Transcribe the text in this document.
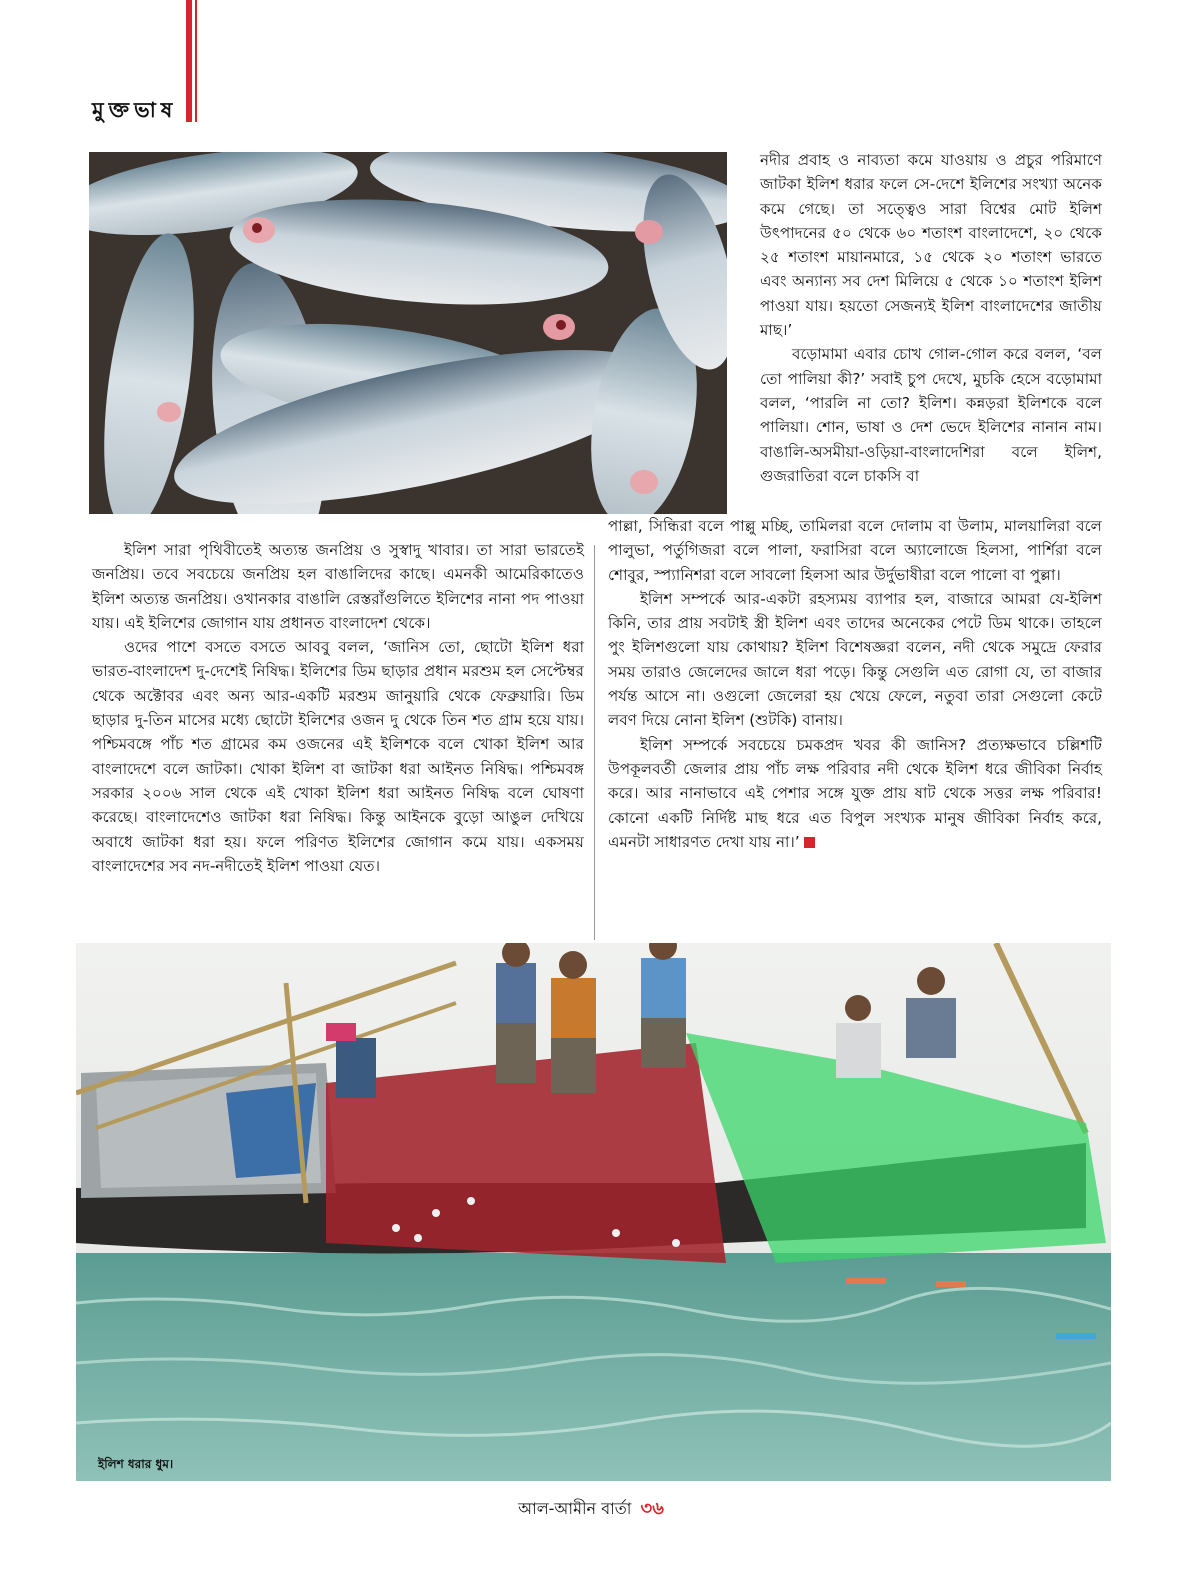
মুক্তভাষ

নদীর প্রবাহ ও নাব্যতা কমে যাওয়ায় ও প্রচুর পরিমাণে জাটকা ইলিশ ধরার ফলে সে-দেশে ইলিশের সংখ্যা অনেক কমে গেছে। তা সত্ত্বেও সারা বিশ্বের মোট ইলিশ উৎপাদনের ৫০ থেকে ৬০ শতাংশ বাংলাদেশে, ২০ থেকে ২৫ শতাংশ মায়ানমারে, ১৫ থেকে ২০ শতাংশ ভারতে এবং অন্যান্য সব দেশ মিলিয়ে ৫ থেকে ১০ শতাংশ ইলিশ পাওয়া যায়। হয়তো সেজন্যই ইলিশ বাংলাদেশের জাতীয় মাছ।’

বড়োমামা এবার চোখ গোল-গোল করে বলল, ‘বল তো পালিয়া কী?’ সবাই চুপ দেখে, মুচকি হেসে বড়োমামা বলল, ‘পারলি না তো? ইলিশ। কন্নড়রা ইলিশকে বলে পালিয়া। শোন, ভাষা ও দেশ ভেদে ইলিশের নানান নাম। বাঙালি-অসমীয়া-ওড়িয়া-বাংলাদেশিরা বলে ইলিশ, গুজরাতিরা বলে চাকসি বা

ইলিশ সারা পৃথিবীতেই অত্যন্ত জনপ্রিয় ও সুস্বাদু খাবার। তা সারা ভারতেই জনপ্রিয়। তবে সবচেয়ে জনপ্রিয় হল বাঙালিদের কাছে। এমনকী আমেরিকাতেও ইলিশ অত্যন্ত জনপ্রিয়। ওখানকার বাঙালি রেস্তরাঁগুলিতে ইলিশের নানা পদ পাওয়া যায়। এই ইলিশের জোগান যায় প্রধানত বাংলাদেশ থেকে।

ওদের পাশে বসতে বসতে আববু বলল, ‘জানিস তো, ছোটো ইলিশ ধরা ভারত-বাংলাদেশ দু-দেশেই নিষিদ্ধ। ইলিশের ডিম ছাড়ার প্রধান মরশুম হল সেপ্টেম্বর থেকে অক্টোবর এবং অন্য আর-একটি মরশুম জানুয়ারি থেকে ফেব্রুয়ারি। ডিম ছাড়ার দু-তিন মাসের মধ্যে ছোটো ইলিশের ওজন দু থেকে তিন শত গ্রাম হয়ে যায়। পশ্চিমবঙ্গে পাঁচ শত গ্রামের কম ওজনের এই ইলিশকে বলে খোকা ইলিশ আর বাংলাদেশে বলে জাটকা। খোকা ইলিশ বা জাটকা ধরা আইনত নিষিদ্ধ। পশ্চিমবঙ্গ সরকার ২০০৬ সাল থেকে এই খোকা ইলিশ ধরা আইনত নিষিদ্ধ বলে ঘোষণা করেছে। বাংলাদেশেও জাটকা ধরা নিষিদ্ধ। কিন্তু আইনকে বুড়ো আঙুল দেখিয়ে অবাধে জাটকা ধরা হয়। ফলে পরিণত ইলিশের জোগান কমে যায়। একসময় বাংলাদেশের সব নদ-নদীতেই ইলিশ পাওয়া যেত।

পাল্লা, সিন্ধিরা বলে পাল্লু মচ্ছি, তামিলরা বলে দোলাম বা উলাম, মালয়ালিরা বলে পালুভা, পর্তুগিজরা বলে পালা, ফরাসিরা বলে অ্যালোজে হিলসা, পার্শিরা বলে শোবুর, স্প্যানিশরা বলে সাবলো হিলসা আর উর্দুভাষীরা বলে পালো বা পুল্লা।

ইলিশ সম্পর্কে আর-একটা রহস্যময় ব্যাপার হল, বাজারে আমরা যে-ইলিশ কিনি, তার প্রায় সবটাই স্ত্রী ইলিশ এবং তাদের অনেকের পেটে ডিম থাকে। তাহলে পুং ইলিশগুলো যায় কোথায়? ইলিশ বিশেষজ্ঞরা বলেন, নদী থেকে সমুদ্রে ফেরার সময় তারাও জেলেদের জালে ধরা পড়ে। কিন্তু সেগুলি এত রোগা যে, তা বাজার পর্যন্ত আসে না। ওগুলো জেলেরা হয় খেয়ে ফেলে, নতুবা তারা সেগুলো কেটে লবণ দিয়ে নোনা ইলিশ (শুটকি) বানায়।

ইলিশ সম্পর্কে সবচেয়ে চমকপ্রদ খবর কী জানিস? প্রত্যক্ষভাবে চল্লিশটি উপকূলবর্তী জেলার প্রায় পাঁচ লক্ষ পরিবার নদী থেকে ইলিশ ধরে জীবিকা নির্বাহ করে। আর নানাভাবে এই পেশার সঙ্গে যুক্ত প্রায় ষাট থেকে সত্তর লক্ষ পরিবার! কোনো একটি নির্দিষ্ট মাছ ধরে এত বিপুল সংখ্যক মানুষ জীবিকা নির্বাহ করে, এমনটা সাধারণত দেখা যায় না।’

ইলিশ ধরার ধুম।
আল-আমীন বার্তা ৩৬
